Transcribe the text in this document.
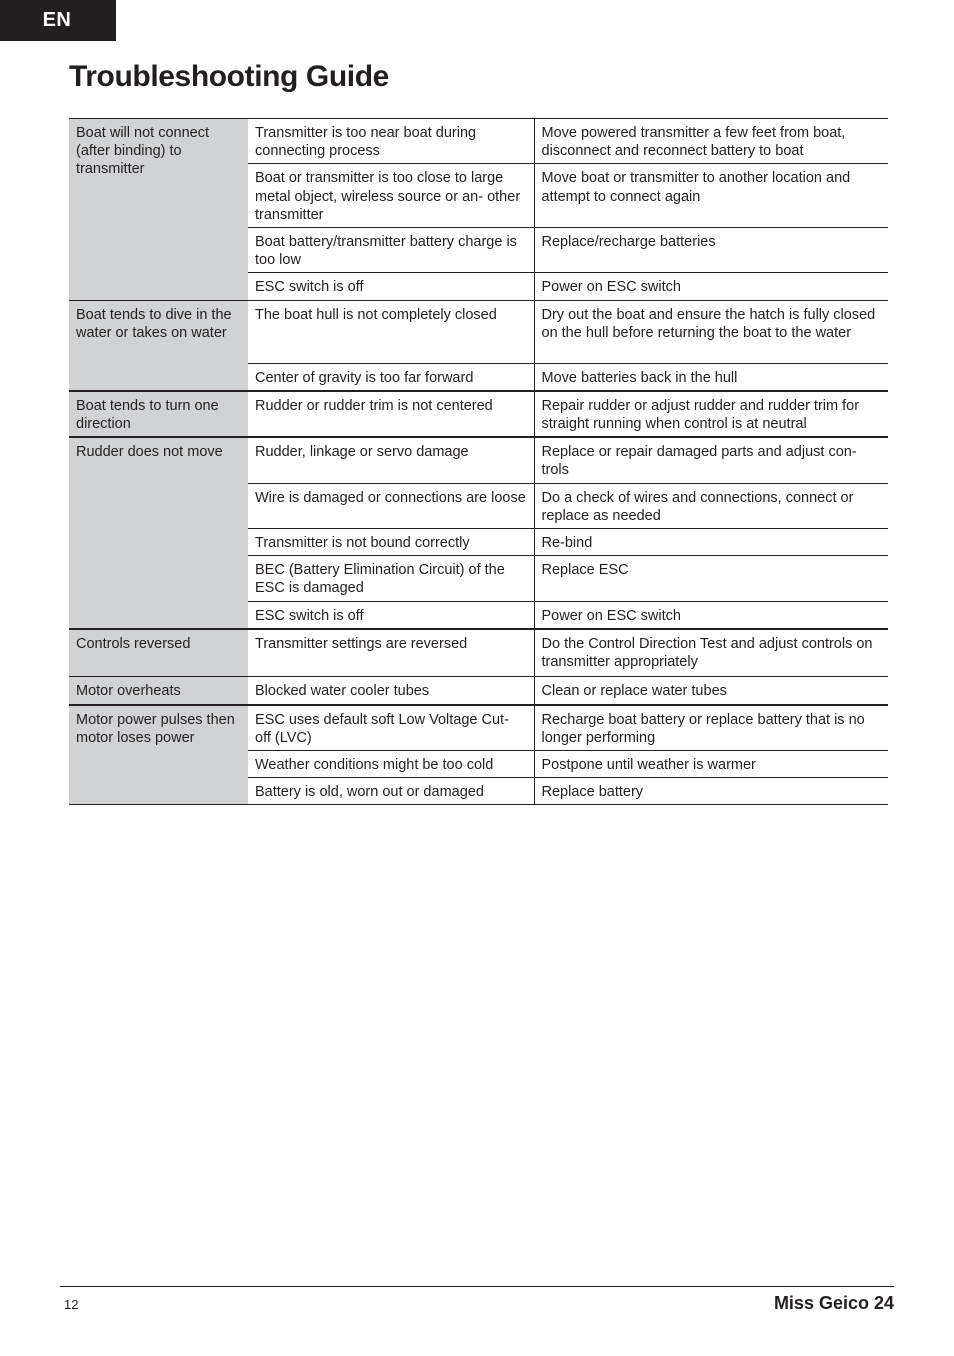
EN
Troubleshooting Guide
Boat will not connect (after binding) to transmitter	Transmitter is too near boat during connecting process	Move powered transmitter a few feet from boat, disconnect and reconnect battery to boat
	Boat or transmitter is too close to large metal object, wireless source or an- other transmitter	Move boat or transmitter to another location and attempt to connect again
	Boat battery/transmitter battery charge is too low	Replace/recharge batteries
	ESC switch is off	Power on ESC switch
Boat tends to dive in the water or takes on water	The boat hull is not completely closed	Dry out the boat and ensure the hatch is fully closed on the hull before returning the boat to the water
	Center of gravity is too far forward	Move batteries back in the hull
Boat tends to turn one direction	Rudder or rudder trim is not centered	Repair rudder or adjust rudder and rudder trim for straight running when control is at neutral
Rudder does not move	Rudder, linkage or servo damage	Replace or repair damaged parts and adjust con- trols
	Wire is damaged or connections are loose	Do a check of wires and connections, connect or replace as needed
	Transmitter is not bound correctly	Re-bind
	BEC (Battery Elimination Circuit) of the ESC is damaged	Replace ESC
	ESC switch is off	Power on ESC switch
Controls reversed	Transmitter settings are reversed	Do the Control Direction Test and adjust controls on transmitter appropriately
Motor overheats	Blocked water cooler tubes	Clean or replace water tubes
Motor power pulses then motor loses power	ESC uses default soft Low Voltage Cut- off (LVC)	Recharge boat battery or replace battery that is no longer performing
	Weather conditions might be too cold	Postpone until weather is warmer
	Battery is old, worn out or damaged	Replace battery
12	Miss Geico 24
